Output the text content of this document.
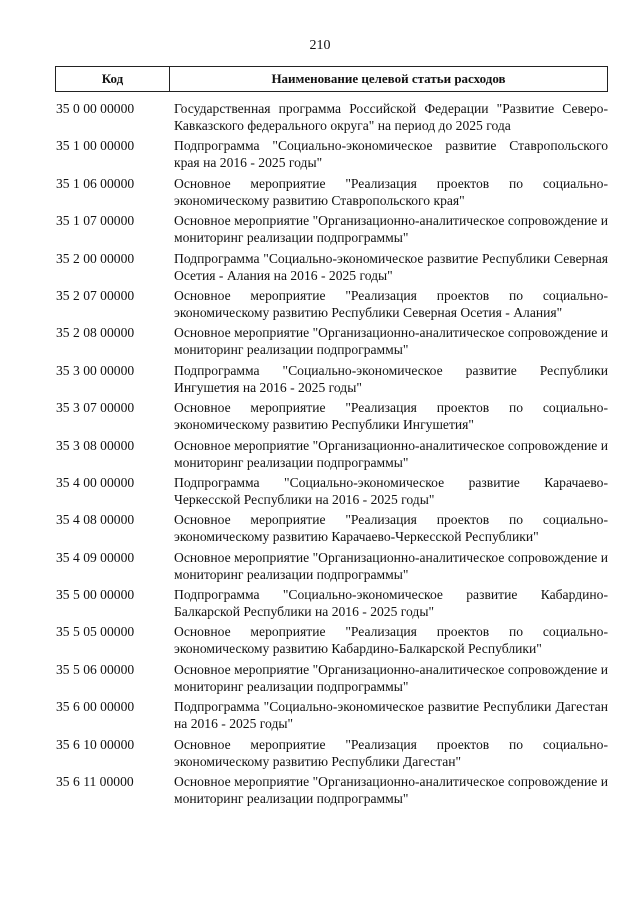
210
Код	Наименование целевой статьи расходов
35 0 00 00000	Государственная программа Российской Федерации "Развитие Северо-Кавказского федерального округа" на период до 2025 года
35 1 00 00000	Подпрограмма "Социально-экономическое развитие Ставропольского края на 2016 - 2025 годы"
35 1 06 00000	Основное мероприятие "Реализация проектов по социально-экономическому развитию Ставропольского края"
35 1 07 00000	Основное мероприятие "Организационно-аналитическое сопровождение и мониторинг реализации подпрограммы"
35 2 00 00000	Подпрограмма "Социально-экономическое развитие Республики Северная Осетия - Алания на 2016 - 2025 годы"
35 2 07 00000	Основное мероприятие "Реализация проектов по социально-экономическому развитию Республики Северная Осетия - Алания"
35 2 08 00000	Основное мероприятие "Организационно-аналитическое сопровождение и мониторинг реализации подпрограммы"
35 3 00 00000	Подпрограмма "Социально-экономическое развитие Республики Ингушетия на 2016 - 2025 годы"
35 3 07 00000	Основное мероприятие "Реализация проектов по социально-экономическому развитию Республики Ингушетия"
35 3 08 00000	Основное мероприятие "Организационно-аналитическое сопровождение и мониторинг реализации подпрограммы"
35 4 00 00000	Подпрограмма "Социально-экономическое развитие Карачаево-Черкесской Республики на 2016 - 2025 годы"
35 4 08 00000	Основное мероприятие "Реализация проектов по социально-экономическому развитию Карачаево-Черкесской Республики"
35 4 09 00000	Основное мероприятие "Организационно-аналитическое сопровождение и мониторинг реализации подпрограммы"
35 5 00 00000	Подпрограмма "Социально-экономическое развитие Кабардино-Балкарской Республики на 2016 - 2025 годы"
35 5 05 00000	Основное мероприятие "Реализация проектов по социально-экономическому развитию Кабардино-Балкарской Республики"
35 5 06 00000	Основное мероприятие "Организационно-аналитическое сопровождение и мониторинг реализации подпрограммы"
35 6 00 00000	Подпрограмма "Социально-экономическое развитие Республики Дагестан на 2016 - 2025 годы"
35 6 10 00000	Основное мероприятие "Реализация проектов по социально-экономическому развитию Республики Дагестан"
35 6 11 00000	Основное мероприятие "Организационно-аналитическое сопровождение и мониторинг реализации подпрограммы"
